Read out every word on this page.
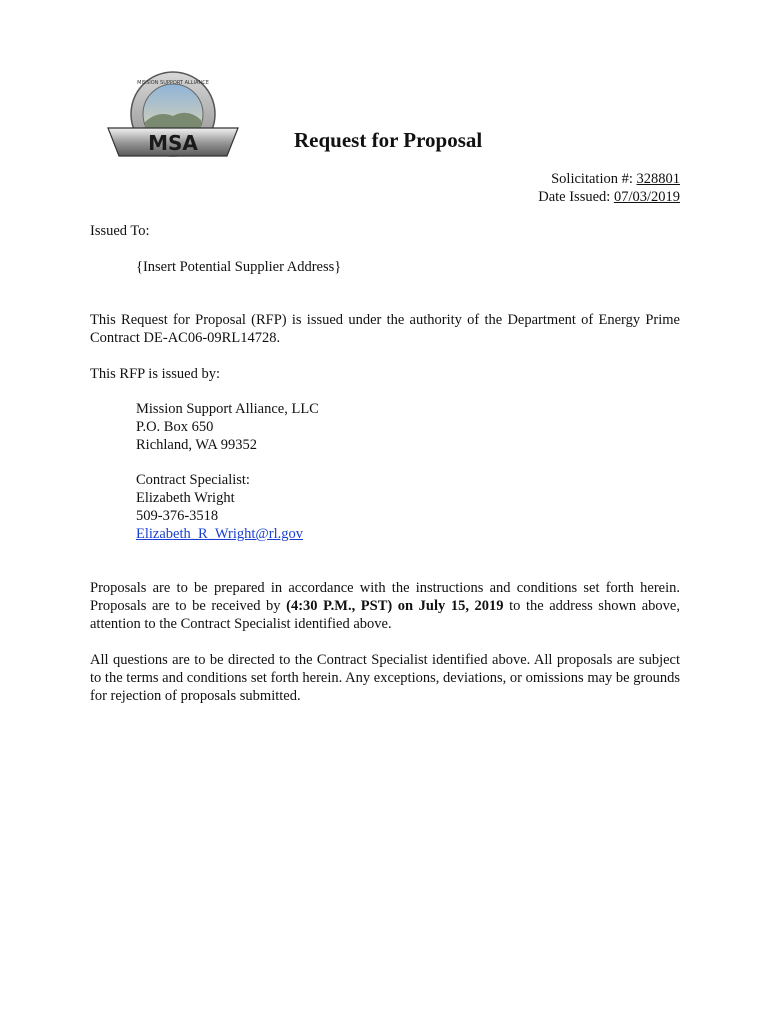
MSA
MISSION SUPPORT ALLIANCE
Request for Proposal
Solicitation #: 328801
Date Issued: 07/03/2019
Issued To:
{Insert Potential Supplier Address}

This Request for Proposal (RFP) is issued under the authority of the Department of Energy Prime Contract DE-AC06-09RL14728.

This RFP is issued by:
Mission Support Alliance, LLC
P.O. Box 650
Richland, WA 99352
Contract Specialist:
Elizabeth Wright
509-376-3518
Elizabeth_R_Wright@rl.gov

Proposals are to be prepared in accordance with the instructions and conditions set forth herein. Proposals are to be received by (4:30 P.M., PST) on July 15, 2019 to the address shown above, attention to the Contract Specialist identified above.

All questions are to be directed to the Contract Specialist identified above. All proposals are subject to the terms and conditions set forth herein. Any exceptions, deviations, or omissions may be grounds for rejection of proposals submitted.
